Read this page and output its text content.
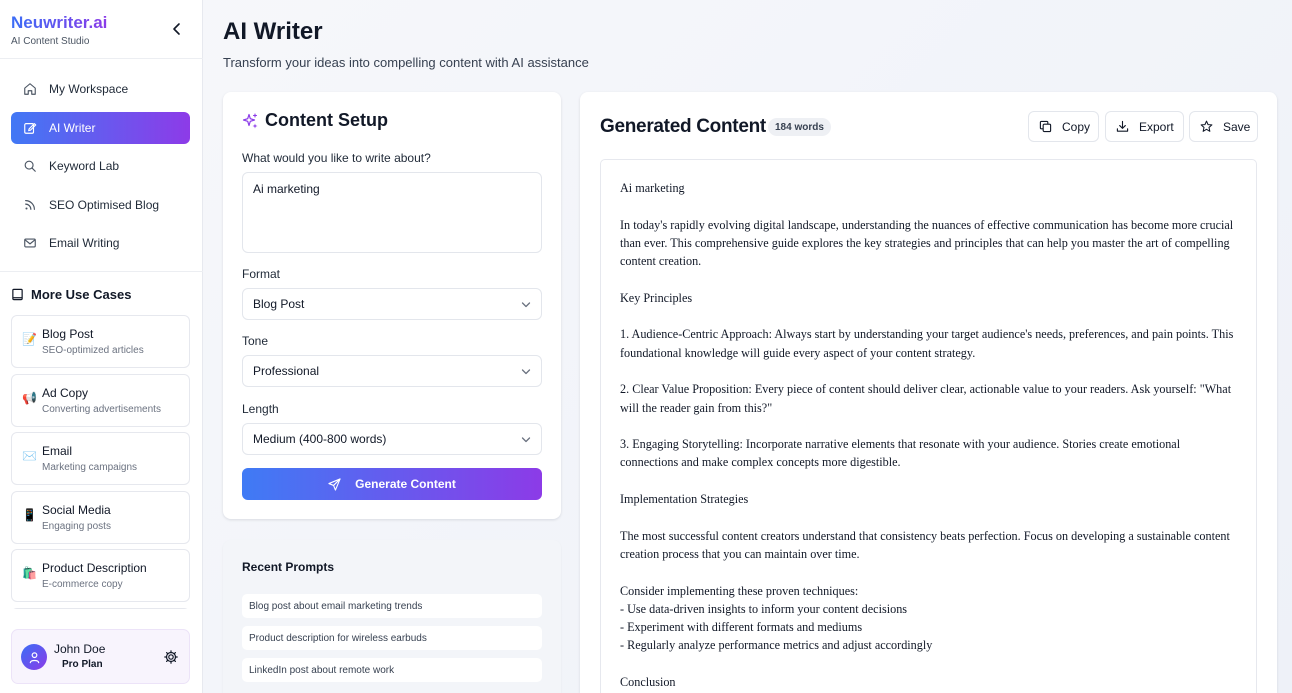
Neuwriter.ai
AI Content Studio
My Workspace
AI Writer
Keyword Lab
SEO Optimised Blog
Email Writing
More Use Cases
📝 Blog Post
SEO-optimized articles
📢 Ad Copy
Converting advertisements
✉️ Email
Marketing campaigns
📱 Social Media
Engaging posts
🛍️ Product Description
E-commerce copy
John Doe
Pro Plan
AI Writer

Transform your ideas into compelling content with AI assistance

Content Setup
What would you like to write about?
Ai marketing
Format
Blog Post
Tone
Professional
Length
Medium (400-800 words)
Generate Content
Recent Prompts
Blog post about email marketing trends
Product description for wireless earbuds
LinkedIn post about remote work
Generated Content 184 words	Copy	Export	Save
Ai marketing
In today's rapidly evolving digital landscape, understanding the nuances of effective communication has become more crucial than ever. This comprehensive guide explores the key strategies and principles that can help you master the art of compelling content creation.
Key Principles
1. Audience-Centric Approach: Always start by understanding your target audience's needs, preferences, and pain points. This foundational knowledge will guide every aspect of your content strategy.
2. Clear Value Proposition: Every piece of content should deliver clear, actionable value to your readers. Ask yourself: "What will the reader gain from this?"
3. Engaging Storytelling: Incorporate narrative elements that resonate with your audience. Stories create emotional connections and make complex concepts more digestible.
Implementation Strategies
The most successful content creators understand that consistency beats perfection. Focus on developing a sustainable content creation process that you can maintain over time.
Consider implementing these proven techniques:
- Use data-driven insights to inform your content decisions
- Experiment with different formats and mediums
- Regularly analyze performance metrics and adjust accordingly
Conclusion
